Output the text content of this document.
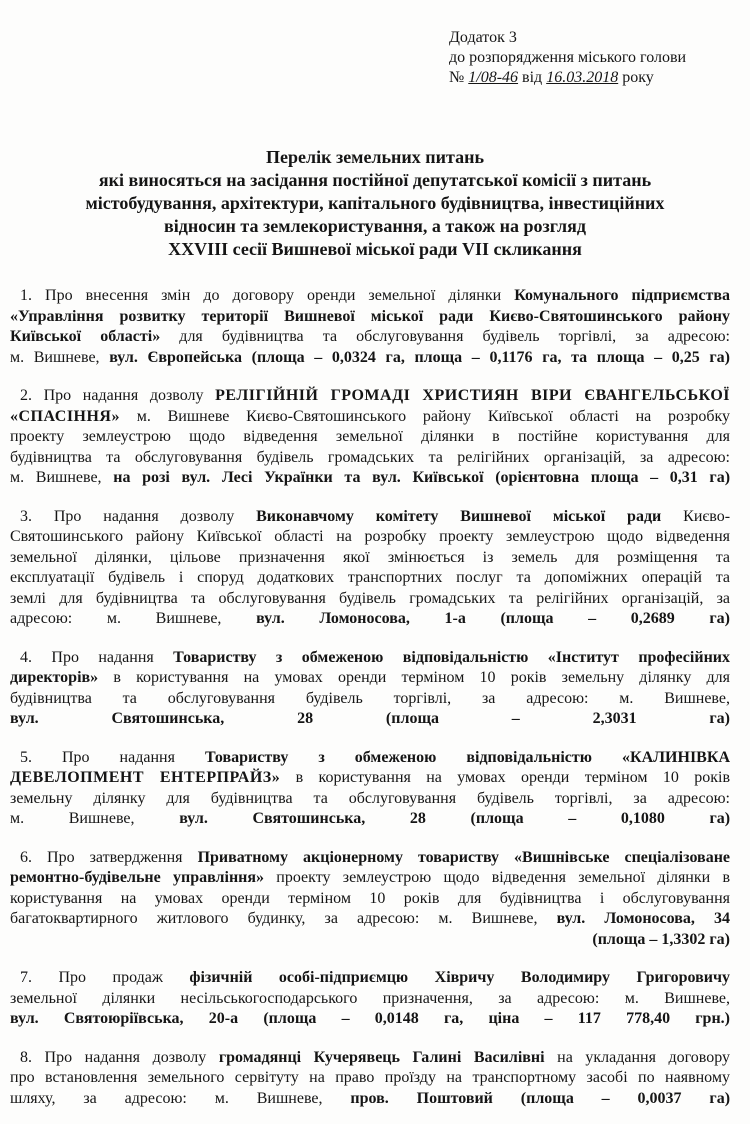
Додаток 3
до розпорядження міського голови
№ 1/08-46 від 16.03.2018 року
Перелік земельних питань
які виносяться на засідання постійної депутатської комісії з питань
містобудування, архітектури, капітального будівництва, інвестиційних
відносин та землекористування, а також на розгляд
XXVIII сесії Вишневої міської ради VII скликання
1. Про внесення змін до договору оренди земельної ділянки Комунального підприємства
«Управління розвитку території Вишневої міської ради Києво-Святошинського району
Київської області» для будівництва та обслуговування будівель торгівлі, за адресою:
м. Вишневе, вул. Європейська (площа – 0,0324 га, площа – 0,1176 га, та площа – 0,25 га)
2. Про надання дозволу РЕЛІГІЙНІЙ ГРОМАДІ ХРИСТИЯН ВІРИ ЄВАНГЕЛЬСЬКОЇ
«СПАСІННЯ» м. Вишневе Києво-Святошинського району Київської області на розробку
проекту землеустрою щодо відведення земельної ділянки в постійне користування для
будівництва та обслуговування будівель громадських та релігійних організацій, за адресою:
м. Вишневе, на розі вул. Лесі Українки та вул. Київської (орієнтовна площа – 0,31 га)
3. Про надання дозволу Виконавчому комітету Вишневої міської ради Києво-
Святошинського району Київської області на розробку проекту землеустрою щодо відведення
земельної ділянки, цільове призначення якої змінюється із земель для розміщення та
експлуатації будівель і споруд додаткових транспортних послуг та допоміжних операцій та
землі для будівництва та обслуговування будівель громадських та релігійних організацій, за
адресою: м. Вишневе, вул. Ломоносова, 1-а (площа – 0,2689 га)
4. Про надання Товариству з обмеженою відповідальністю «Інститут професійних
директорів» в користування на умовах оренди терміном 10 років земельну ділянку для
будівництва та обслуговування будівель торгівлі, за адресою: м. Вишневе,
вул. Святошинська, 28	(площа – 2,3031 га)
5. Про надання Товариству з обмеженою відповідальністю «КАЛИНІВКА
ДЕВЕЛОПМЕНТ ЕНТЕРПРАЙЗ» в користування на умовах оренди терміном 10 років
земельну ділянку для будівництва та обслуговування будівель торгівлі, за адресою:
м. Вишневе,	вул. Святошинська, 28	(площа – 0,1080 га)
6. Про затвердження Приватному акціонерному товариству «Вишнівське спеціалізоване
ремонтно-будівельне управління» проекту землеустрою щодо відведення земельної ділянки в
користування на умовах оренди терміном 10 років для будівництва і обслуговування
багатоквартирного житлового будинку, за адресою: м. Вишневе, вул. Ломоносова, 34
(площа – 1,3302 га)
7. Про продаж фізичній особі-підприємцю Хівричу Володимиру Григоровичу
земельної ділянки несільськогосподарського призначення, за адресою: м. Вишневе,
вул. Святоюріївська, 20-а (площа – 0,0148 га, ціна – 117 778,40 грн.)
8. Про надання дозволу громадянці Кучерявець Галині Василівні на укладання договору
про встановлення земельного сервітуту на право проїзду на транспортному засобі по наявному
шляху, за адресою: м. Вишневе, пров. Поштовий (площа – 0,0037 га)
